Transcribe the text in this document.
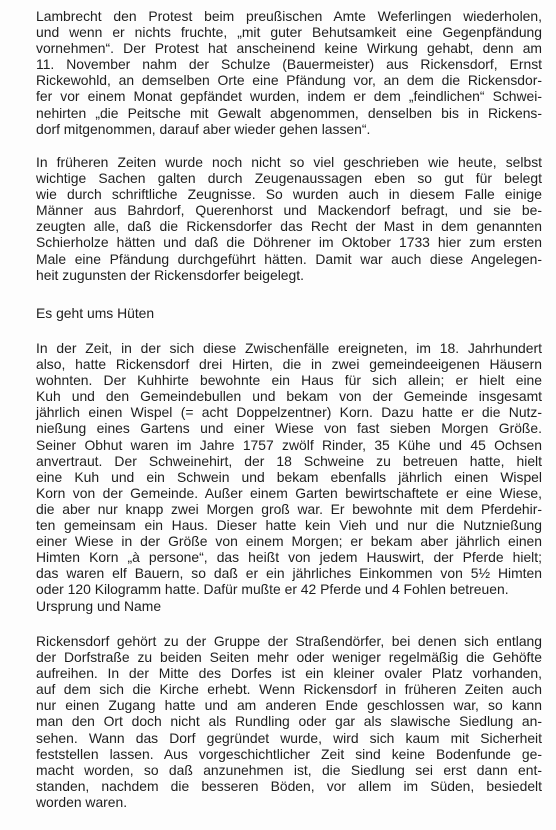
Lambrecht den Protest beim preußischen Amte Weferlingen wiederholen,
und wenn er nichts fruchte, „mit guter Behutsamkeit eine Gegenpfändung
vornehmen“. Der Protest hat anscheinend keine Wirkung gehabt, denn am
11. November nahm der Schulze (Bauermeister) aus Rickensdorf, Ernst
Rickewohld, an demselben Orte eine Pfändung vor, an dem die Rickensdor-
fer vor einem Monat gepfändet wurden, indem er dem „feindlichen“ Schwei-
nehirten „die Peitsche mit Gewalt abgenommen, denselben bis in Rickens-
dorf mitgenommen, darauf aber wieder gehen lassen“.

In früheren Zeiten wurde noch nicht so viel geschrieben wie heute, selbst
wichtige Sachen galten durch Zeugenaussagen eben so gut für belegt
wie durch schriftliche Zeugnisse. So wurden auch in diesem Falle einige
Männer aus Bahrdorf, Querenhorst und Mackendorf befragt, und sie be-
zeugten alle, daß die Rickensdorfer das Recht der Mast in dem genannten
Schierholze hätten und daß die Döhrener im Oktober 1733 hier zum ersten
Male eine Pfändung durchgeführt hätten. Damit war auch diese Angelegen-
heit zugunsten der Rickensdorfer beigelegt.

Es geht ums Hüten

In der Zeit, in der sich diese Zwischenfälle ereigneten, im 18. Jahrhundert
also, hatte Rickensdorf drei Hirten, die in zwei gemeindeeigenen Häusern
wohnten. Der Kuhhirte bewohnte ein Haus für sich allein; er hielt eine
Kuh und den Gemeindebullen und bekam von der Gemeinde insgesamt
jährlich einen Wispel (= acht Doppelzentner) Korn. Dazu hatte er die Nutz-
nießung eines Gartens und einer Wiese von fast sieben Morgen Größe.
Seiner Obhut waren im Jahre 1757 zwölf Rinder, 35 Kühe und 45 Ochsen
anvertraut. Der Schweinehirt, der 18 Schweine zu betreuen hatte, hielt
eine Kuh und ein Schwein und bekam ebenfalls jährlich einen Wispel
Korn von der Gemeinde. Außer einem Garten bewirtschaftete er eine Wiese,
die aber nur knapp zwei Morgen groß war. Er bewohnte mit dem Pferdehir-
ten gemeinsam ein Haus. Dieser hatte kein Vieh und nur die Nutznießung
einer Wiese in der Größe von einem Morgen; er bekam aber jährlich einen
Himten Korn „à persone“, das heißt von jedem Hauswirt, der Pferde hielt;
das waren elf Bauern, so daß er ein jährliches Einkommen von 5½ Himten
oder 120 Kilogramm hatte. Dafür mußte er 42 Pferde und 4 Fohlen betreuen.

Ursprung und Name

Rickensdorf gehört zu der Gruppe der Straßendörfer, bei denen sich entlang
der Dorfstraße zu beiden Seiten mehr oder weniger regelmäßig die Gehöfte
aufreihen. In der Mitte des Dorfes ist ein kleiner ovaler Platz vorhanden,
auf dem sich die Kirche erhebt. Wenn Rickensdorf in früheren Zeiten auch
nur einen Zugang hatte und am anderen Ende geschlossen war, so kann
man den Ort doch nicht als Rundling oder gar als slawische Siedlung an-
sehen. Wann das Dorf gegründet wurde, wird sich kaum mit Sicherheit
feststellen lassen. Aus vorgeschichtlicher Zeit sind keine Bodenfunde ge-
macht worden, so daß anzunehmen ist, die Siedlung sei erst dann ent-
standen, nachdem die besseren Böden, vor allem im Süden, besiedelt
worden waren.
